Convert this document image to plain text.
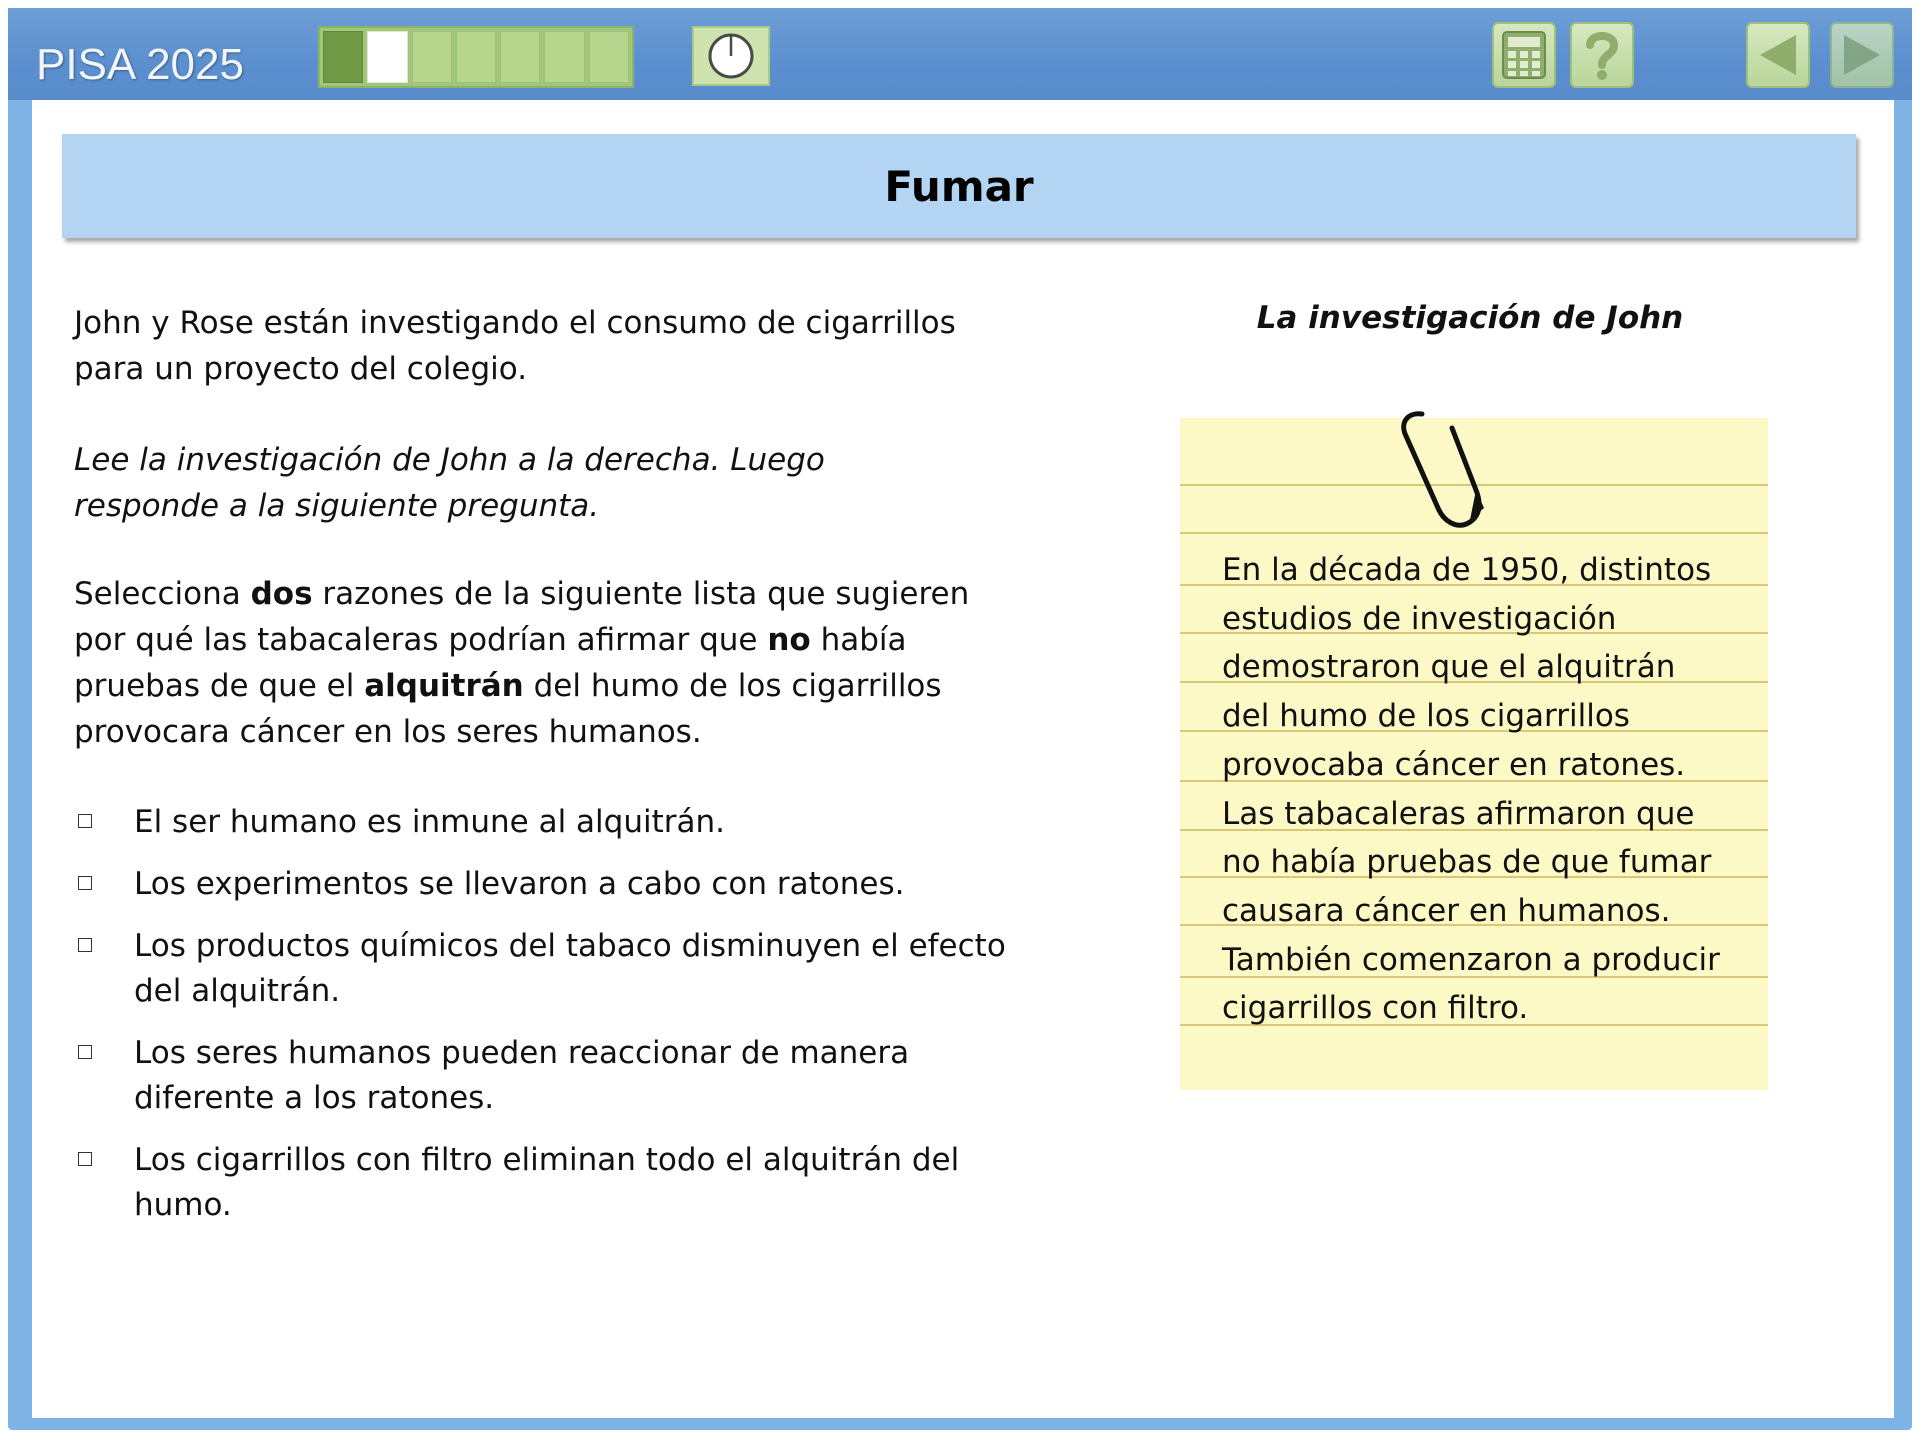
PISA 2025
Fumar
John y Rose están investigando el consumo de cigarrillos para un proyecto del colegio.
Lee la investigación de John a la derecha. Luego responde a la siguiente pregunta.
Selecciona dos razones de la siguiente lista que sugieren por qué las tabacaleras podrían afirmar que no había pruebas de que el alquitrán del humo de los cigarrillos provocara cáncer en los seres humanos.
El ser humano es inmune al alquitrán.
Los experimentos se llevaron a cabo con ratones.
Los productos químicos del tabaco disminuyen el efecto del alquitrán.
Los seres humanos pueden reaccionar de manera diferente a los ratones.
Los cigarrillos con filtro eliminan todo el alquitrán del humo.
La investigación de John
En la década de 1950, distintos
estudios de investigación
demostraron que el alquitrán
del humo de los cigarrillos
provocaba cáncer en ratones.
Las tabacaleras afirmaron que
no había pruebas de que fumar
causara cáncer en humanos.
También comenzaron a producir
cigarrillos con filtro.
